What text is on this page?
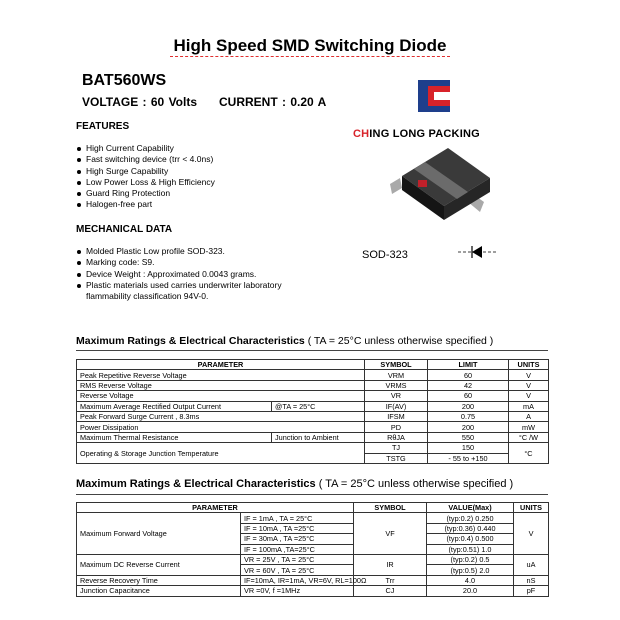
High Speed SMD Switching Diode
BAT560WS
VOLTAGE : 60 Volts CURRENT : 0.20 A
CHING LONG PACKING
FEATURES
High Current Capability
Fast switching device (trr < 4.0ns)
High Surge Capability
Low Power Loss & High Efficiency
Guard Ring Protection
Halogen-free part
MECHANICAL DATA
Molded Plastic Low profile SOD-323.
Marking code: S9.
Device Weight : Approximated 0.0043 grams.
Plastic materials used carries underwriter laboratory flammability classification 94V-0.
SOD-323
Maximum Ratings & Electrical Characteristics ( TA = 25°C unless otherwise specified )
PARAMETER		SYMBOL	LIMIT	UNITS
Peak Repetitive Reverse Voltage		VRM	60	V
RMS Reverse Voltage		VRMS	42	V
Reverse Voltage		VR	60	V
Maximum Average Rectified Output Current	@TA = 25°C	IF(AV)	200	mA
Peak Forward Surge Current , 8.3ms		IFSM	0.75	A
Power Dissipation		PD	200	mW
Maximum Thermal Resistance	Junction to Ambient	RθJA	550	°C /W
Operating & Storage Junction Temperature		TJ	150	°C
		TSTG	- 55 to +150	
Maximum Ratings & Electrical Characteristics ( TA = 25°C unless otherwise specified )
PARAMETER		SYMBOL	VALUE(Max)	UNITS
Maximum Forward Voltage	IF = 1mA , TA = 25°C	VF	(typ:0.2) 0.250	V
	IF = 10mA , TA =25°C		(typ:0.36) 0.440	
	IF = 30mA , TA =25°C		(typ:0.4) 0.500	
	IF = 100mA ,TA=25°C		(typ:0.51) 1.0	
Maximum DC Reverse Current	VR = 25V , TA = 25°C	IR	(typ:0.2) 0.5	uA
	VR = 60V , TA = 25°C		(typ:0.5) 2.0	
Reverse Recovery Time	IF=10mA, IR=1mA, VR=6V, RL=100Ω	Trr	4.0	nS
Junction Capacitance	VR =0V, f =1MHz	CJ	20.0	pF
